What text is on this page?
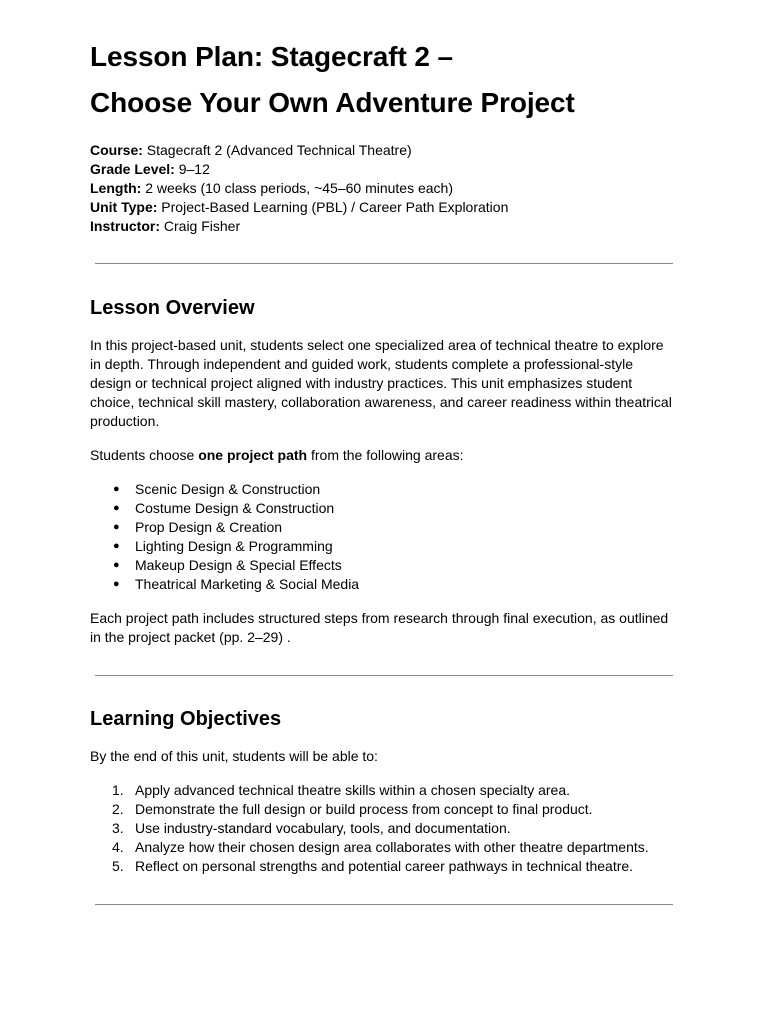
Lesson Plan: Stagecraft 2 –
Choose Your Own Adventure Project
Course: Stagecraft 2 (Advanced Technical Theatre)
Grade Level: 9–12
Length: 2 weeks (10 class periods, ~45–60 minutes each)
Unit Type: Project-Based Learning (PBL) / Career Path Exploration
Instructor: Craig Fisher
Lesson Overview

In this project-based unit, students select one specialized area of technical theatre to explore in depth. Through independent and guided work, students complete a professional-style design or technical project aligned with industry practices. This unit emphasizes student choice, technical skill mastery, collaboration awareness, and career readiness within theatrical production.

Students choose one project path from the following areas:

● Scenic Design & Construction
● Costume Design & Construction
● Prop Design & Creation
● Lighting Design & Programming
● Makeup Design & Special Effects
● Theatrical Marketing & Social Media

Each project path includes structured steps from research through final execution, as outlined in the project packet (pp. 2–29) .

Learning Objectives

By the end of this unit, students will be able to:

1. Apply advanced technical theatre skills within a chosen specialty area.
2. Demonstrate the full design or build process from concept to final product.
3. Use industry-standard vocabulary, tools, and documentation.
4. Analyze how their chosen design area collaborates with other theatre departments.
5. Reflect on personal strengths and potential career pathways in technical theatre.
